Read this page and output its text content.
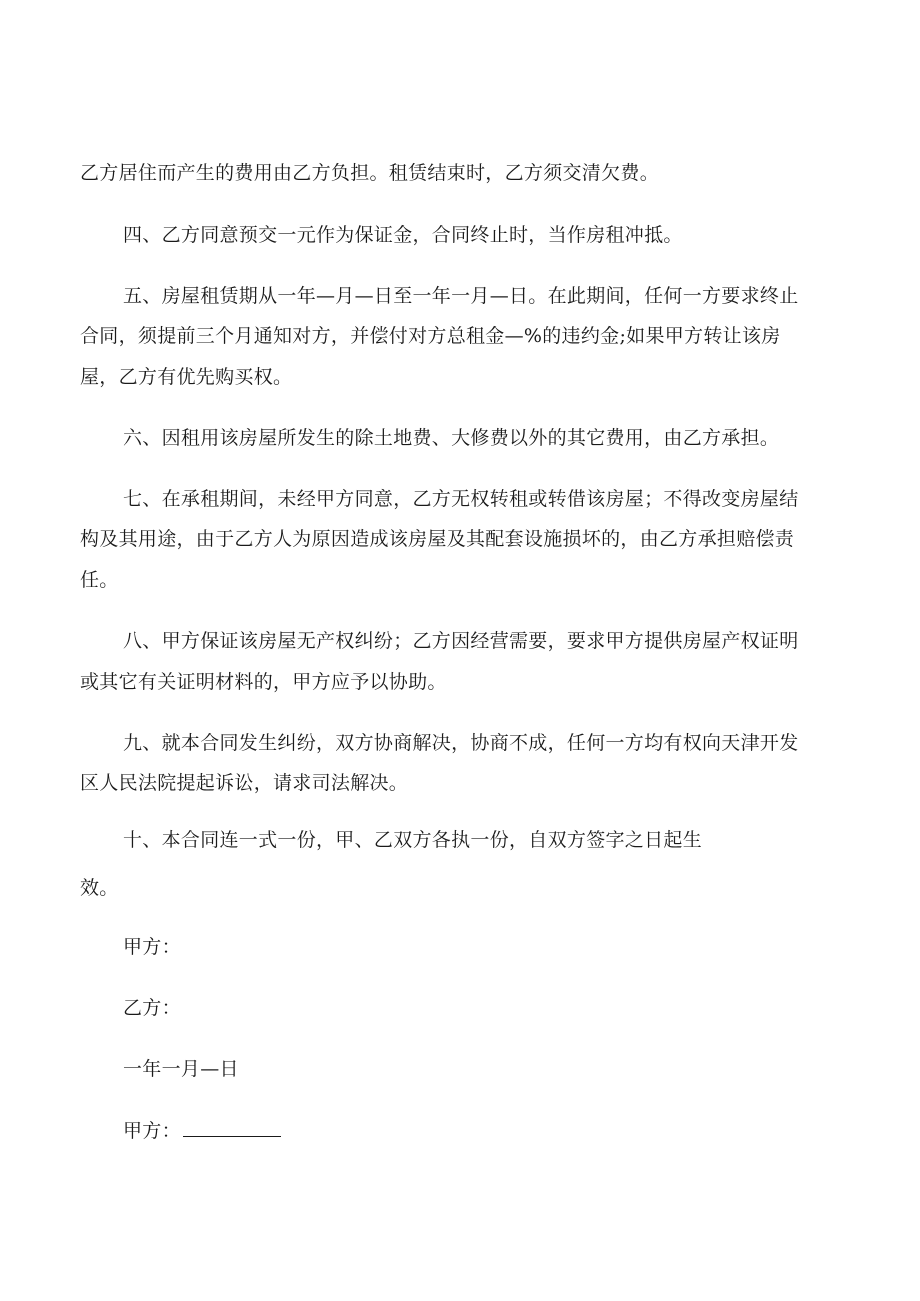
乙方居住而产生的费用由乙方负担。租赁结束时，乙方须交清欠费。
四、乙方同意预交一元作为保证金，合同终止时，当作房租冲抵。
五、房屋租赁期从一年—月—日至一年一月—日。在此期间，任何一方要求终止
合同，须提前三个月通知对方，并偿付对方总租金—%的违约金;如果甲方转让该房
屋，乙方有优先购买权。
六、因租用该房屋所发生的除土地费、大修费以外的其它费用，由乙方承担。
七、在承租期间，未经甲方同意，乙方无权转租或转借该房屋；不得改变房屋结
构及其用途，由于乙方人为原因造成该房屋及其配套设施损坏的，由乙方承担赔偿责
任。
八、甲方保证该房屋无产权纠纷；乙方因经营需要，要求甲方提供房屋产权证明
或其它有关证明材料的，甲方应予以协助。
九、就本合同发生纠纷，双方协商解决，协商不成，任何一方均有权向天津开发
区人民法院提起诉讼，请求司法解决。
十、本合同连一式一份，甲、乙双方各执一份，自双方签字之日起生
效。
甲方：
乙方：
一年一月—日
甲方：
